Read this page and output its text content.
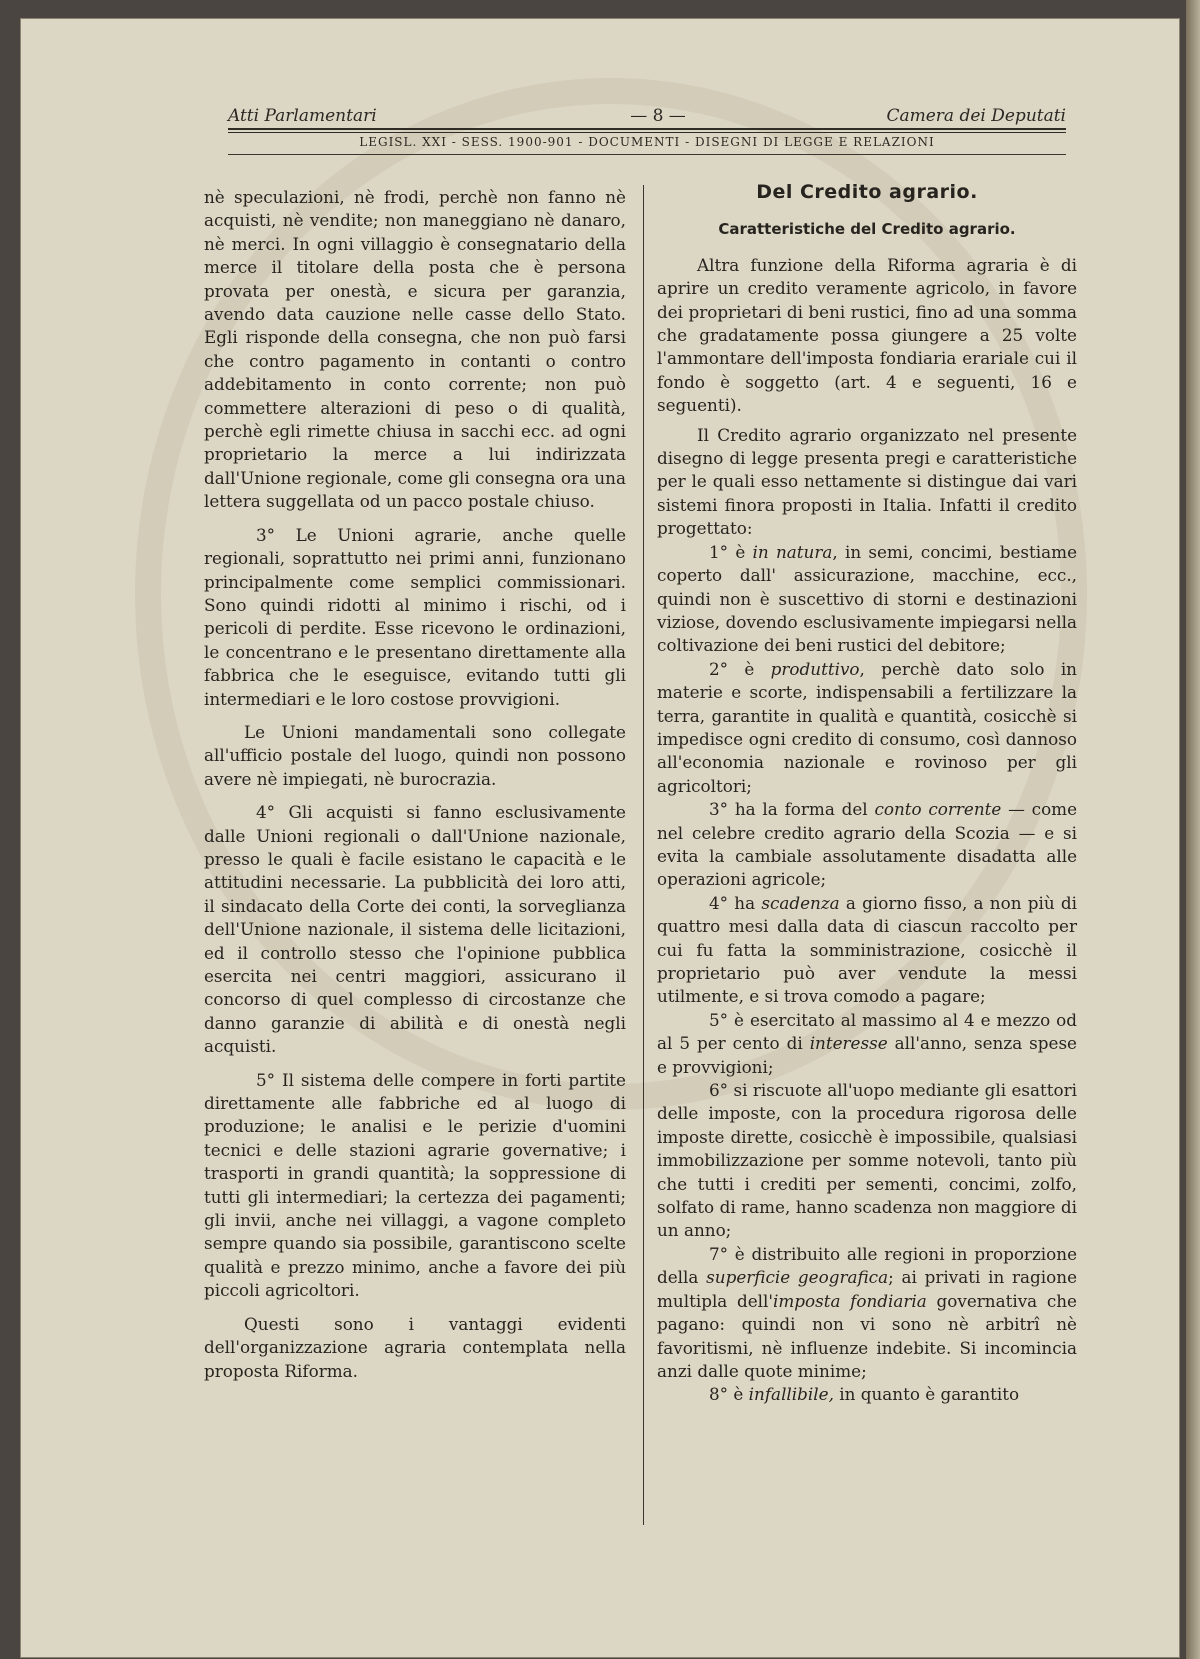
Atti Parlamentari	— 8 —	Camera dei Deputati
LEGISL. XXI - SESS. 1900-901 - DOCUMENTI - DISEGNI DI LEGGE E RELAZIONI

nè speculazioni, nè frodi, perchè non fanno nè acquisti, nè vendite; non maneggiano nè danaro, nè merci. In ogni villaggio è consegnatario della merce il titolare della posta che è persona provata per onestà, e sicura per garanzia, avendo data cauzione nelle casse dello Stato. Egli risponde della consegna, che non può farsi che contro pagamento in contanti o contro addebitamento in conto corrente; non può commettere alterazioni di peso o di qualità, perchè egli rimette chiusa in sacchi ecc. ad ogni proprietario la merce a lui indirizzata dall'Unione regionale, come gli consegna ora una lettera suggellata od un pacco postale chiuso.

3° Le Unioni agrarie, anche quelle regionali, soprattutto nei primi anni, funzionano principalmente come semplici commissionari. Sono quindi ridotti al minimo i rischi, od i pericoli di perdite. Esse ricevono le ordinazioni, le concentrano e le presentano direttamente alla fabbrica che le eseguisce, evitando tutti gli intermediari e le loro costose provvigioni.

Le Unioni mandamentali sono collegate all'ufficio postale del luogo, quindi non possono avere nè impiegati, nè burocrazia.

4° Gli acquisti si fanno esclusivamente dalle Unioni regionali o dall'Unione nazionale, presso le quali è facile esistano le capacità e le attitudini necessarie. La pubblicità dei loro atti, il sindacato della Corte dei conti, la sorveglianza dell'Unione nazionale, il sistema delle licitazioni, ed il controllo stesso che l'opinione pubblica esercita nei centri maggiori, assicurano il concorso di quel complesso di circostanze che danno garanzie di abilità e di onestà negli acquisti.

5° Il sistema delle compere in forti partite direttamente alle fabbriche ed al luogo di produzione; le analisi e le perizie d'uomini tecnici e delle stazioni agrarie governative; i trasporti in grandi quantità; la soppressione di tutti gli intermediari; la certezza dei pagamenti; gli invii, anche nei villaggi, a vagone completo sempre quando sia possibile, garantiscono scelte qualità e prezzo minimo, anche a favore dei più piccoli agricoltori.

Questi sono i vantaggi evidenti dell'organizzazione agraria contemplata nella proposta Riforma.

Del Credito agrario.
Caratteristiche del Credito agrario.

Altra funzione della Riforma agraria è di aprire un credito veramente agricolo, in favore dei proprietari di beni rustici, fino ad una somma che gradatamente possa giungere a 25 volte l'ammontare dell'imposta fondiaria erariale cui il fondo è soggetto (art. 4 e seguenti, 16 e seguenti).

Il Credito agrario organizzato nel presente disegno di legge presenta pregi e caratteristiche per le quali esso nettamente si distingue dai vari sistemi finora proposti in Italia. Infatti il credito progettato:

1° è in natura, in semi, concimi, bestiame coperto dall' assicurazione, macchine, ecc., quindi non è suscettivo di storni e destinazioni viziose, dovendo esclusivamente impiegarsi nella coltivazione dei beni rustici del debitore;

2° è produttivo, perchè dato solo in materie e scorte, indispensabili a fertilizzare la terra, garantite in qualità e quantità, cosicchè si impedisce ogni credito di consumo, così dannoso all'economia nazionale e rovinoso per gli agricoltori;

3° ha la forma del conto corrente — come nel celebre credito agrario della Scozia — e si evita la cambiale assolutamente disadatta alle operazioni agricole;

4° ha scadenza a giorno fisso, a non più di quattro mesi dalla data di ciascun raccolto per cui fu fatta la somministrazione, cosicchè il proprietario può aver vendute la messi utilmente, e si trova comodo a pagare;

5° è esercitato al massimo al 4 e mezzo od al 5 per cento di interesse all'anno, senza spese e provvigioni;

6° si riscuote all'uopo mediante gli esattori delle imposte, con la procedura rigorosa delle imposte dirette, cosicchè è impossibile, qualsiasi immobilizzazione per somme notevoli, tanto più che tutti i crediti per sementi, concimi, zolfo, solfato di rame, hanno scadenza non maggiore di un anno;

7° è distribuito alle regioni in proporzione della superficie geografica; ai privati in ragione multipla dell'imposta fondiaria governativa che pagano: quindi non vi sono nè arbitrî nè favoritismi, nè influenze indebite. Si incomincia anzi dalle quote minime;

8° è infallibile, in quanto è garantito
